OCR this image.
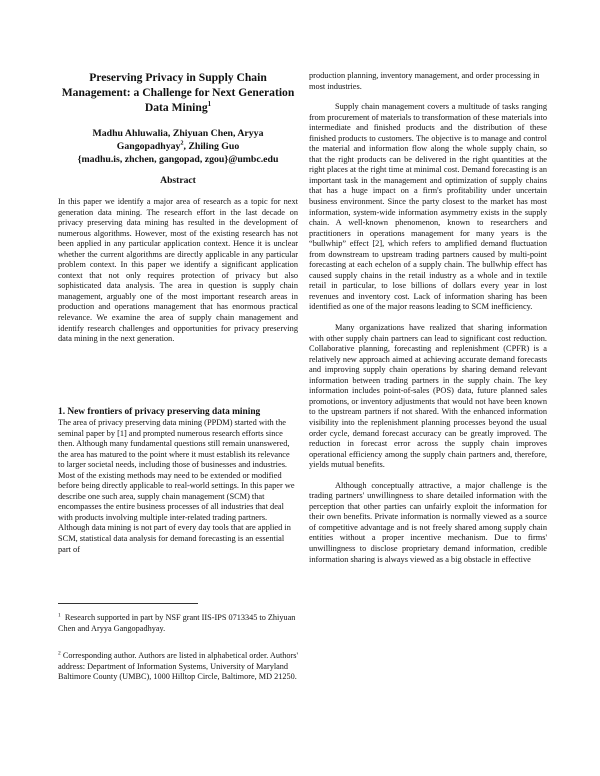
Preserving Privacy in Supply Chain Management: a Challenge for Next Generation Data Mining$^1$
Madhu Ahluwalia, Zhiyuan Chen, Aryya Gangopadhyay$^2$, Zhiling Guo
{madhu.is, zhchen, gangopad, zgou}@umbc.edu
Abstract

In this paper we identify a major area of research as a topic for next generation data mining. The research effort in the last decade on privacy preserving data mining has resulted in the development of numerous algorithms. However, most of the existing research has not been applied in any particular application context. Hence it is unclear whether the current algorithms are directly applicable in any particular problem context. In this paper we identify a significant application context that not only requires protection of privacy but also sophisticated data analysis. The area in question is supply chain management, arguably one of the most important research areas in production and operations management that has enormous practical relevance. We examine the area of supply chain management and identify research challenges and opportunities for privacy preserving data mining in the next generation.

1. New frontiers of privacy preserving data mining

The area of privacy preserving data mining (PPDM) started with the seminal paper by [1] and prompted numerous research efforts since then. Although many fundamental questions still remain unanswered, the area has matured to the point where it must establish its relevance to larger societal needs, including those of businesses and industries. Most of the existing methods may need to be extended or modified before being directly applicable to real-world settings. In this paper we describe one such area, supply chain management (SCM) that encompasses the entire business processes of all industries that deal with products involving multiple inter-related trading partners. Although data mining is not part of every day tools that are applied in SCM, statistical data analysis for demand forecasting is an essential part of

$^1$ Research supported in part by NSF grant IIS-IPS 0713345 to Zhiyuan Chen and Aryya Gangopadhyay.

$^2$ Corresponding author. Authors are listed in alphabetical order. Authors' address: Department of Information Systems, University of Maryland Baltimore County (UMBC), 1000 Hilltop Circle, Baltimore, MD 21250.

production planning, inventory management, and order processing in most industries.

Supply chain management covers a multitude of tasks ranging from procurement of materials to transformation of these materials into intermediate and finished products and the distribution of these finished products to customers. The objective is to manage and control the material and information flow along the whole supply chain, so that the right products can be delivered in the right quantities at the right places at the right time at minimal cost. Demand forecasting is an important task in the management and optimization of supply chains that has a huge impact on a firm's profitability under uncertain business environment. Since the party closest to the market has most information, system-wide information asymmetry exists in the supply chain. A well-known phenomenon, known to researchers and practitioners in operations management for many years is the “bullwhip” effect [2], which refers to amplified demand fluctuation from downstream to upstream trading partners caused by multi-point forecasting at each echelon of a supply chain. The bullwhip effect has caused supply chains in the retail industry as a whole and in textile retail in particular, to lose billions of dollars every year in lost revenues and inventory cost. Lack of information sharing has been identified as one of the major reasons leading to SCM inefficiency.

Many organizations have realized that sharing information with other supply chain partners can lead to significant cost reduction. Collaborative planning, forecasting and replenishment (CPFR) is a relatively new approach aimed at achieving accurate demand forecasts and improving supply chain operations by sharing demand relevant information between trading partners in the supply chain. The key information includes point-of-sales (POS) data, future planned sales promotions, or inventory adjustments that would not have been known to the upstream partners if not shared. With the enhanced information visibility into the replenishment planning processes beyond the usual order cycle, demand forecast accuracy can be greatly improved. The reduction in forecast error across the supply chain improves operational efficiency among the supply chain partners and, therefore, yields mutual benefits.

Although conceptually attractive, a major challenge is the trading partners' unwillingness to share detailed information with the perception that other parties can unfairly exploit the information for their own benefits. Private information is normally viewed as a source of competitive advantage and is not freely shared among supply chain entities without a proper incentive mechanism. Due to firms' unwillingness to disclose proprietary demand information, credible information sharing is always viewed as a big obstacle in effective
